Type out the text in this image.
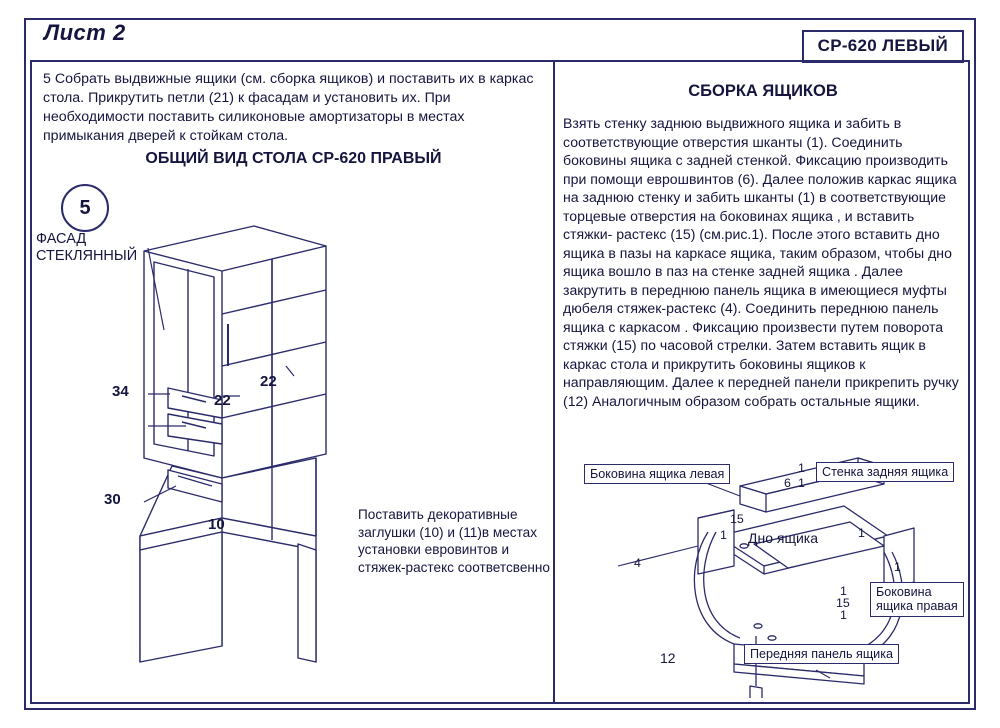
Лист 2
СР-620 ЛЕВЫЙ
5 Собрать выдвижные ящики (см. сборка ящиков) и поставить их в каркас стола. Прикрутить петли (21) к фасадам и установить их. При необходимости поставить силиконовые амортизаторы в местах примыкания дверей к стойкам стола.
ОБЩИЙ ВИД СТОЛА СР-620 ПРАВЫЙ
5
ФАСАД
СТЕКЛЯННЫЙ
Поставить декоративные заглушки (10) и (11)в местах установки евровинтов и стяжек-растекс соответсвенно
34
22
22
30
10
СБОРКА ЯЩИКОВ
Взять стенку заднюю выдвижного ящика и забить в соответствующие отверстия шканты (1). Соединить боковины ящика с задней стенкой. Фиксацию производить при помощи еврошвинтов (6). Далее положив каркас ящика на заднюю стенку и забить шканты (1) в соответствующие торцевые отверстия на боковинах ящика , и вставить стяжки- растекс (15) (см.рис.1). После этого вставить дно ящика в пазы на каркасе ящика, таким образом, чтобы дно ящика вошло в паз на стенке задней ящика . Далее закрутить в переднюю панель ящика в имеющиеся муфты дюбеля стяжек-растекс (4). Соединить переднюю панель ящика с каркасом . Фиксацию произвести путем поворота стяжки (15) по часовой стрелки. Затем вставить ящик в каркас стола и прикрутить боковины ящиков к направляющим. Далее к передней панели прикрепить ручку (12) Аналогичным образом собрать остальные ящики.
Боковина ящика левая	Стенка задняя ящика
Дно ящика
Боковина
ящика правая
Передняя панель ящика
1
6 1
15
1	1
1
4
1
15
1
12
